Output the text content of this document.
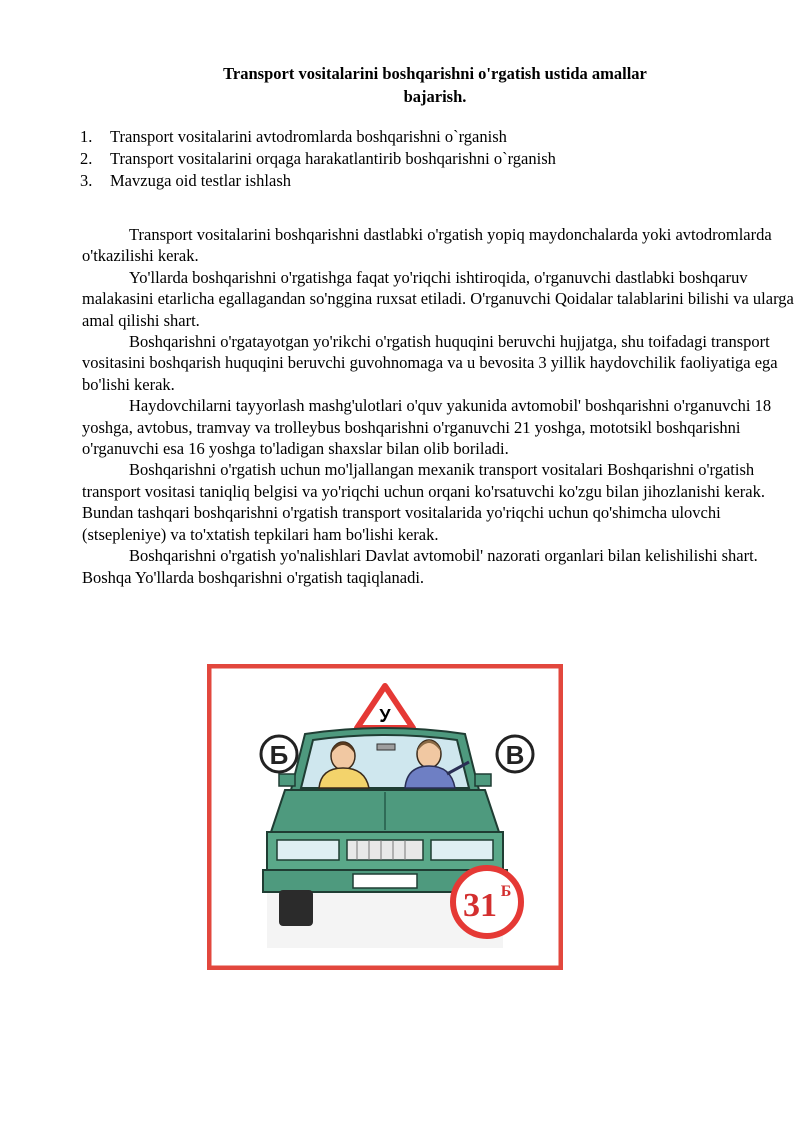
Transport vositalarini boshqarishni o'rgatish ustida amallar
bajarish.
1.	Transport vositalarini avtodromlarda boshqarishni o`rganish
2.	Transport vositalarini orqaga harakatlantirib boshqarishni o`rganish
3.	Mavzuga oid testlar ishlash

Transport vositalarini boshqarishni dastlabki o'rgatish yopiq maydonchalarda yoki avtodromlarda o'tkazilishi kerak.

Yo'llarda boshqarishni o'rgatishga faqat yo'riqchi ishtiroqida, o'rganuvchi dastlabki boshqaruv malakasini etarlicha egallagandan so'nggina ruxsat etiladi. O'rganuvchi Qoidalar talablarini bilishi va ularga amal qilishi shart.

Boshqarishni o'rgatayotgan yo'rikchi o'rgatish huquqini beruvchi hujjatga, shu toifadagi transport vositasini boshqarish huquqini beruvchi guvohnomaga va u bevosita 3 yillik haydovchilik faoliyatiga ega bo'lishi kerak.

Haydovchilarni tayyorlash mashg'ulotlari o'quv yakunida avtomobil' boshqarishni o'rganuvchi 18 yoshga, avtobus, tramvay va trolleybus boshqarishni o'rganuvchi 21 yoshga, mototsikl boshqarishni o'rganuvchi esa 16 yoshga to'ladigan shaxslar bilan olib boriladi.

Boshqarishni o'rgatish uchun mo'ljallangan mexanik transport vositalari Boshqarishni o'rgatish transport vositasi taniqliq belgisi va yo'riqchi uchun orqani ko'rsatuvchi ko'zgu bilan jihozlanishi kerak. Bundan tashqari boshqarishni o'rgatish transport vositalarida yo'riqchi uchun qo'shimcha ulovchi (stsepleniye) va to'xtatish tepkilari ham bo'lishi kerak.

Boshqarishni o'rgatish yo'nalishlari Davlat avtomobil' nazorati organlari bilan kelishilishi shart. Boshqa Yo'llarda boshqarishni o'rgatish taqiqlanadi.

У
Б	В
31 Б
